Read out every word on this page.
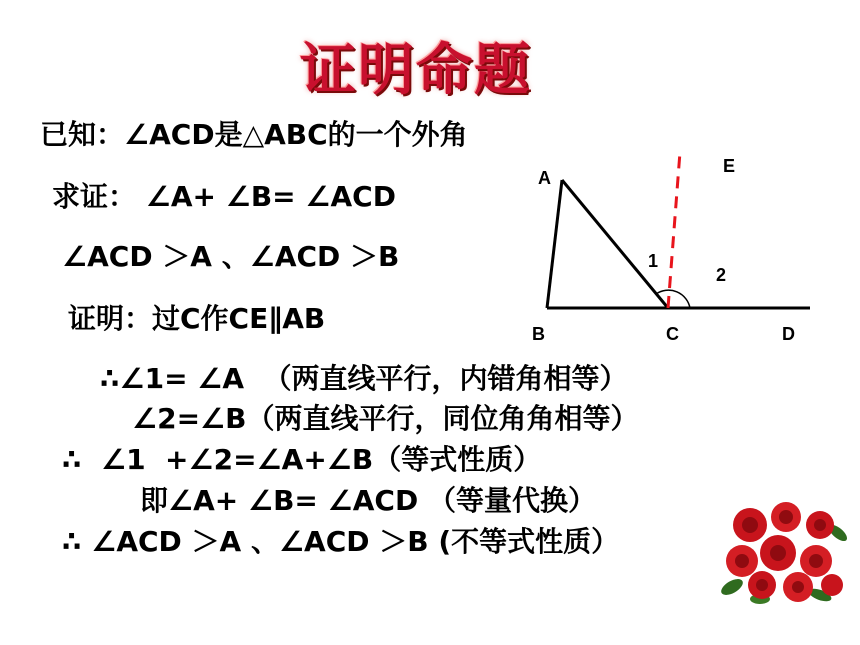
证明命题
已知：∠ACD是△ABC的一个外角
求证： ∠A+ ∠B= ∠ACD
∠ACD ＞A 、∠ACD ＞B
证明：过C作CE∥AB
∴∠1= ∠A  （两直线平行，内错角相等）
∠2=∠B（两直线平行，同位角角相等）
∴  ∠1  +∠2=∠A+∠B（等式性质）
即∠A+ ∠B= ∠ACD （等量代换）
∴ ∠ACD ＞A 、∠ACD ＞B (不等式性质）
A
B	C	D
E
1
2
